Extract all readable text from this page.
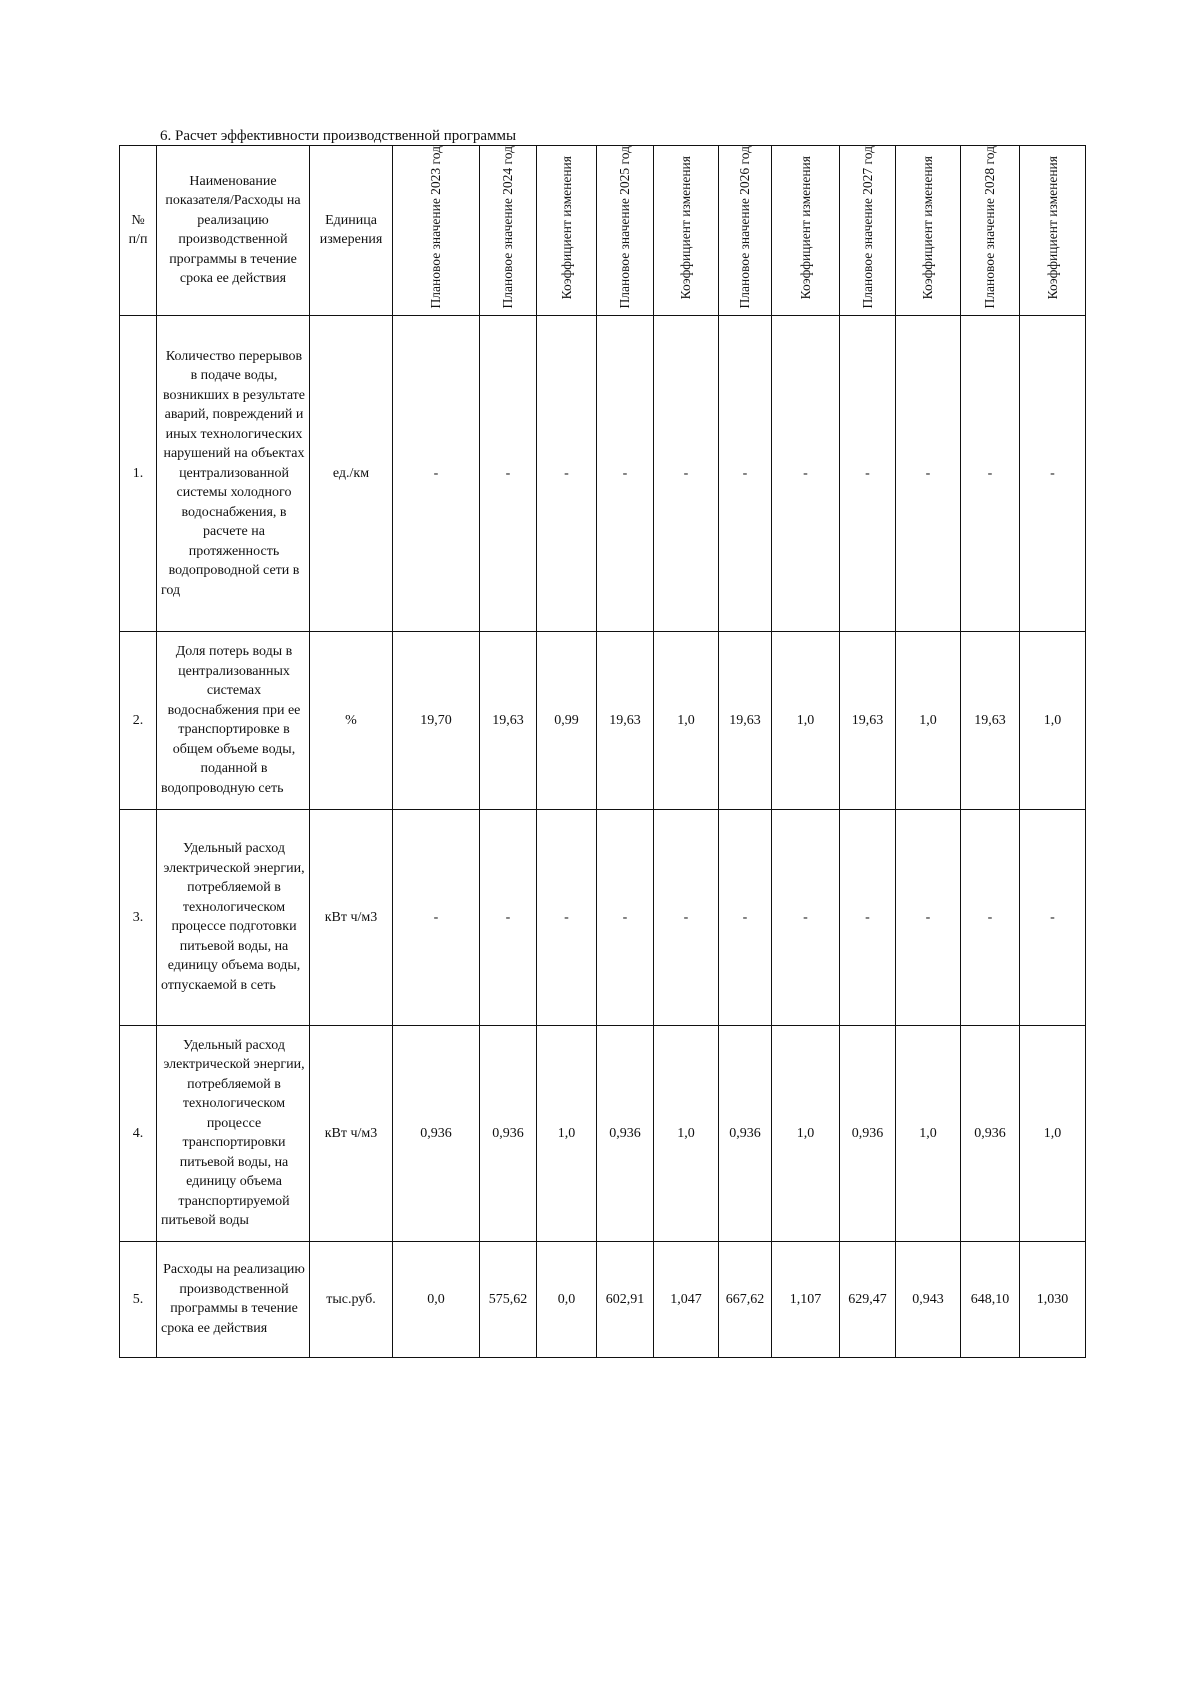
6. Расчет эффективности производственной программы
№
п/п	Наименование показателя/Расходы на реализацию производственной программы в течение срока ее действия	Единица измерения	Плановое значение 2023 год	Плановое значение 2024 год	Коэффициент изменения	Плановое значение 2025 год	Коэффициент изменения	Плановое значение 2026 год	Коэффициент изменения	Плановое значение 2027 год	Коэффициент изменения	Плановое значение 2028 год	Коэффициент изменения
1.	Количество перерывов в подаче воды, возникших в результате аварий, повреждений и иных технологических нарушений на объектах централизованной системы холодного водоснабжения, в расчете на протяженность водопроводной сети в год	ед./км	-	-	-	-	-	-	-	-	-	-	-
2.	Доля потерь воды в централизованных системах водоснабжения при ее транспортировке в общем объеме воды, поданной в водопроводную сеть	%	19,70	19,63	0,99	19,63	1,0	19,63	1,0	19,63	1,0	19,63	1,0
3.	Удельный расход электрической энергии, потребляемой в технологическом процессе подготовки питьевой воды, на единицу объема воды, отпускаемой в сеть	кВт ч/м3	-	-	-	-	-	-	-	-	-	-	-
4.	Удельный расход электрической энергии, потребляемой в технологическом процессе транспортировки питьевой воды, на единицу объема транспортируемой питьевой воды	кВт ч/м3	0,936	0,936	1,0	0,936	1,0	0,936	1,0	0,936	1,0	0,936	1,0
5.	Расходы на реализацию производственной программы в течение срока ее действия	тыс.руб.	0,0	575,62	0,0	602,91	1,047	667,62	1,107	629,47	0,943	648,10	1,030
